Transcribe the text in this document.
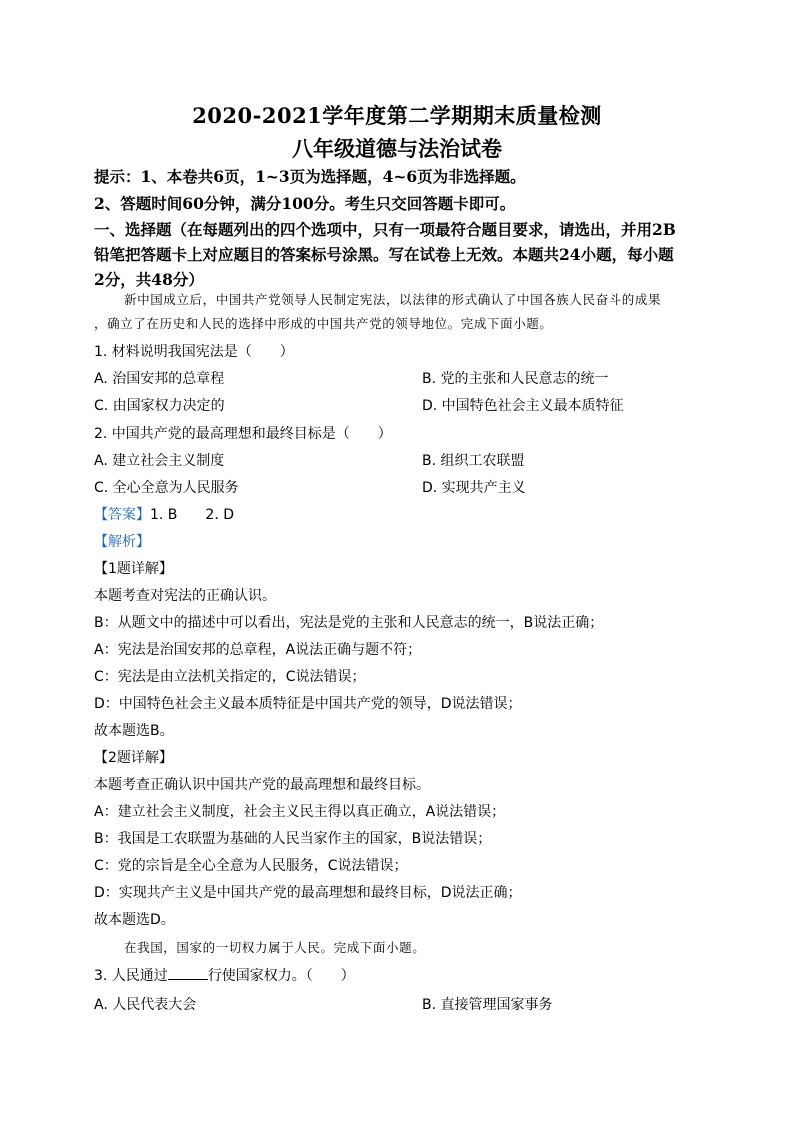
2020-2021学年度第二学期期末质量检测
八年级道德与法治试卷
提示：1、本卷共6页，1~3页为选择题，4~6页为非选择题。
2、答题时间60分钟，满分100分。考生只交回答题卡即可。
一、选择题（在每题列出的四个选项中，只有一项最符合题目要求，请选出，并用2B
铅笔把答题卡上对应题目的答案标号涂黑。写在试卷上无效。本题共24小题，每小题
2分，共48分）
新中国成立后，中国共产党领导人民制定宪法，以法律的形式确认了中国各族人民奋斗的成果
，确立了在历史和人民的选择中形成的中国共产党的领导地位。完成下面小题。
1. 材料说明我国宪法是（　　）
A. 治国安邦的总章程	B. 党的主张和人民意志的统一
C. 由国家权力决定的	D. 中国特色社会主义最本质特征
2. 中国共产党的最高理想和最终目标是（　　）
A. 建立社会主义制度	B. 组织工农联盟
C. 全心全意为人民服务	D. 实现共产主义
【答案】1. B　　2. D
【解析】
【1题详解】
本题考查对宪法的正确认识。
B：从题文中的描述中可以看出，宪法是党的主张和人民意志的统一，B说法正确；
A：宪法是治国安邦的总章程，A说法正确与题不符；
C：宪法是由立法机关指定的，C说法错误；
D：中国特色社会主义最本质特征是中国共产党的领导，D说法错误；
故本题选B。
【2题详解】
本题考查正确认识中国共产党的最高理想和最终目标。
A：建立社会主义制度，社会主义民主得以真正确立，A说法错误；
B：我国是工农联盟为基础的人民当家作主的国家，B说法错误；
C：党的宗旨是全心全意为人民服务，C说法错误；
D：实现共产主义是中国共产党的最高理想和最终目标，D说法正确；
故本题选D。
在我国，国家的一切权力属于人民。完成下面小题。
3. 人民通过	行使国家权力。（　　）
A. 人民代表大会	B. 直接管理国家事务
